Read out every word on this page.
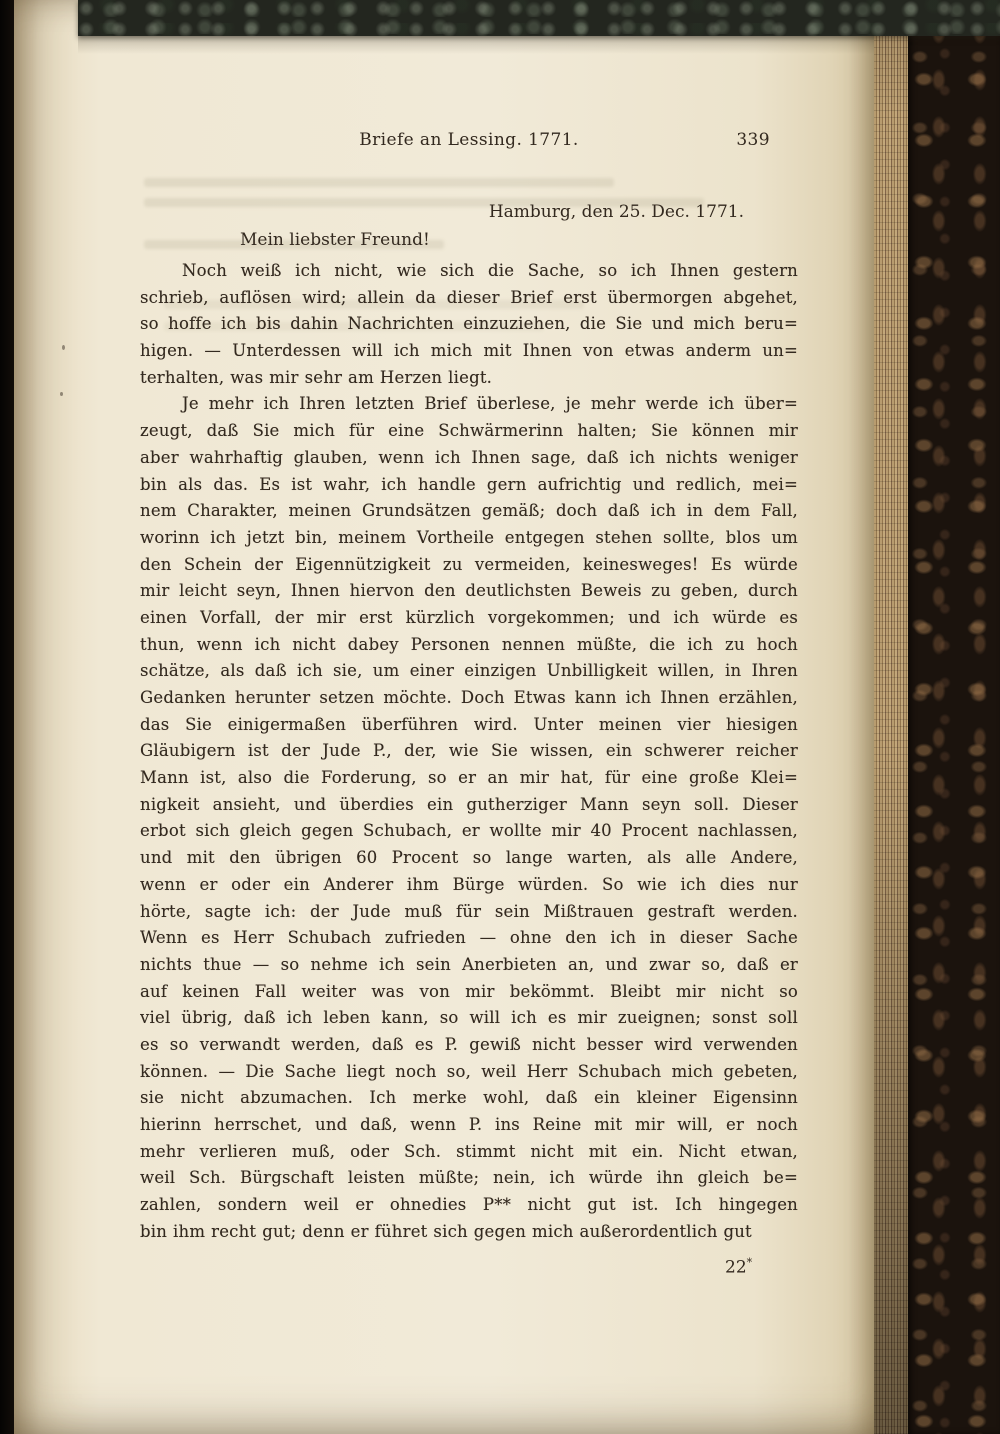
Briefe an Lessing. 1771.	339
Hamburg, den 25. Dec. 1771.
Mein liebster Freund!
Noch weiß ich nicht, wie sich die Sache, so ich Ihnen gestern
schrieb, auflösen wird; allein da dieser Brief erst übermorgen abgehet,
so hoffe ich bis dahin Nachrichten einzuziehen, die Sie und mich beru=
higen. — Unterdessen will ich mich mit Ihnen von etwas anderm un=
terhalten, was mir sehr am Herzen liegt.
Je mehr ich Ihren letzten Brief überlese, je mehr werde ich über=
zeugt, daß Sie mich für eine Schwärmerinn halten; Sie können mir
aber wahrhaftig glauben, wenn ich Ihnen sage, daß ich nichts weniger
bin als das. Es ist wahr, ich handle gern aufrichtig und redlich, mei=
nem Charakter, meinen Grundsätzen gemäß; doch daß ich in dem Fall,
worinn ich jetzt bin, meinem Vortheile entgegen stehen sollte, blos um
den Schein der Eigennützigkeit zu vermeiden, keinesweges! Es würde
mir leicht seyn, Ihnen hiervon den deutlichsten Beweis zu geben, durch
einen Vorfall, der mir erst kürzlich vorgekommen; und ich würde es
thun, wenn ich nicht dabey Personen nennen müßte, die ich zu hoch
schätze, als daß ich sie, um einer einzigen Unbilligkeit willen, in Ihren
Gedanken herunter setzen möchte. Doch Etwas kann ich Ihnen erzählen,
das Sie einigermaßen überführen wird. Unter meinen vier hiesigen
Gläubigern ist der Jude P., der, wie Sie wissen, ein schwerer reicher
Mann ist, also die Forderung, so er an mir hat, für eine große Klei=
nigkeit ansieht, und überdies ein gutherziger Mann seyn soll. Dieser
erbot sich gleich gegen Schubach, er wollte mir 40 Procent nachlassen,
und mit den übrigen 60 Procent so lange warten, als alle Andere,
wenn er oder ein Anderer ihm Bürge würden. So wie ich dies nur
hörte, sagte ich: der Jude muß für sein Mißtrauen gestraft werden.
Wenn es Herr Schubach zufrieden — ohne den ich in dieser Sache
nichts thue — so nehme ich sein Anerbieten an, und zwar so, daß er
auf keinen Fall weiter was von mir bekömmt. Bleibt mir nicht so
viel übrig, daß ich leben kann, so will ich es mir zueignen; sonst soll
es so verwandt werden, daß es P. gewiß nicht besser wird verwenden
können. — Die Sache liegt noch so, weil Herr Schubach mich gebeten,
sie nicht abzumachen. Ich merke wohl, daß ein kleiner Eigensinn
hierinn herrschet, und daß, wenn P. ins Reine mit mir will, er noch
mehr verlieren muß, oder Sch. stimmt nicht mit ein. Nicht etwan,
weil Sch. Bürgschaft leisten müßte; nein, ich würde ihn gleich be=
zahlen, sondern weil er ohnedies P** nicht gut ist. Ich hingegen
bin ihm recht gut; denn er führet sich gegen mich außerordentlich gut
22*
